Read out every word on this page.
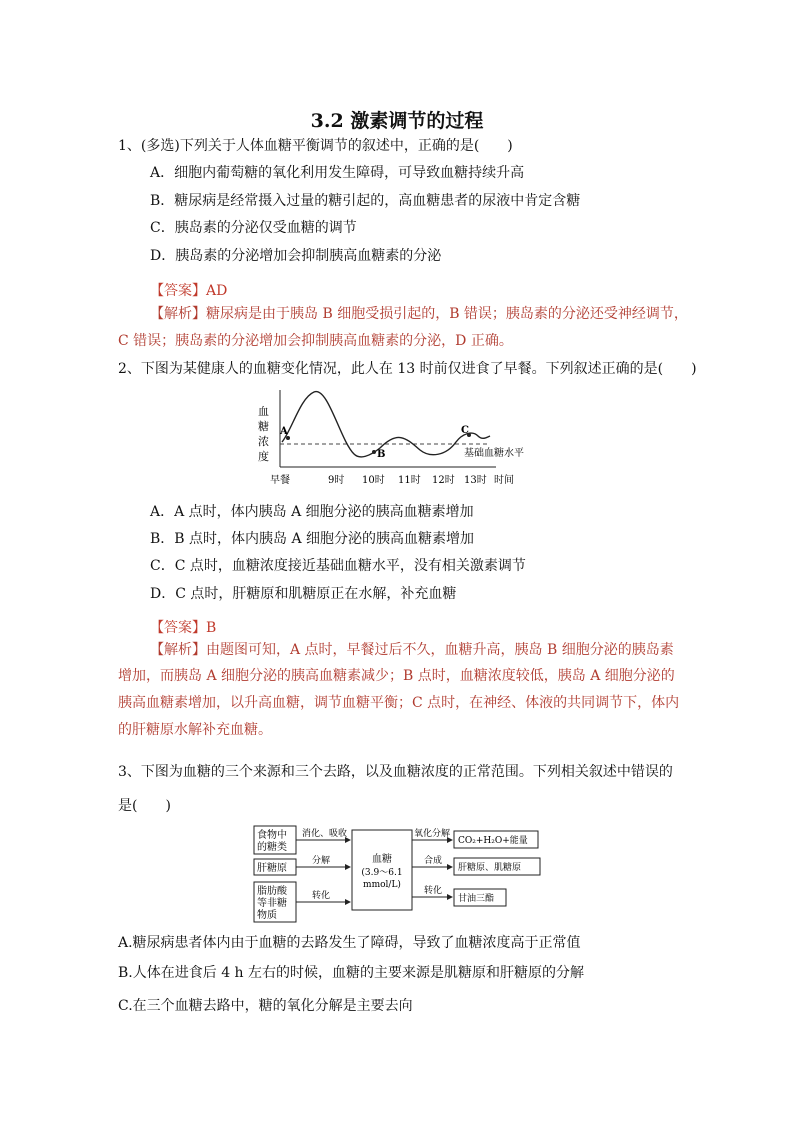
3.2 激素调节的过程
1、(多选)下列关于人体血糖平衡调节的叙述中，正确的是(　　)
A．细胞内葡萄糖的氧化利用发生障碍，可导致血糖持续升高
B．糖尿病是经常摄入过量的糖引起的，高血糖患者的尿液中肯定含糖
C．胰岛素的分泌仅受血糖的调节
D．胰岛素的分泌增加会抑制胰高血糖素的分泌
【答案】AD
【解析】糖尿病是由于胰岛 B 细胞受损引起的，B 错误；胰岛素的分泌还受神经调节，
C 错误；胰岛素的分泌增加会抑制胰高血糖素的分泌，D 正确。
2、下图为某健康人的血糖变化情况，此人在 13 时前仅进食了早餐。下列叙述正确的是(　　)
血
糖
浓
度
A
B
C
基础血糖水平
早餐	9时 10时 11时 12时 13时 时间
A．A 点时，体内胰岛 A 细胞分泌的胰高血糖素增加
B．B 点时，体内胰岛 A 细胞分泌的胰高血糖素增加
C．C 点时，血糖浓度接近基础血糖水平，没有相关激素调节
D．C 点时，肝糖原和肌糖原正在水解，补充血糖
【答案】B
【解析】由题图可知，A 点时，早餐过后不久，血糖升高，胰岛 B 细胞分泌的胰岛素
增加，而胰岛 A 细胞分泌的胰高血糖素减少；B 点时，血糖浓度较低，胰岛 A 细胞分泌的
胰高血糖素增加，以升高血糖，调节血糖平衡；C 点时，在神经、体液的共同调节下，体内
的肝糖原水解补充血糖。
3、下图为血糖的三个来源和三个去路，以及血糖浓度的正常范围。下列相关叙述中错误的
是(　　)
食物中
的糖类
肝糖原
脂肪酸
等非糖
物质
消化、吸收
分解
转化
血糖
(3.9～6.1
mmol/L)
氧化分解
合成
转化
CO₂+H₂O+能量
肝糖原、肌糖原
甘油三酯
A.糖尿病患者体内由于血糖的去路发生了障碍，导致了血糖浓度高于正常值
B.人体在进食后 4 h 左右的时候，血糖的主要来源是肌糖原和肝糖原的分解
C.在三个血糖去路中，糖的氧化分解是主要去向
